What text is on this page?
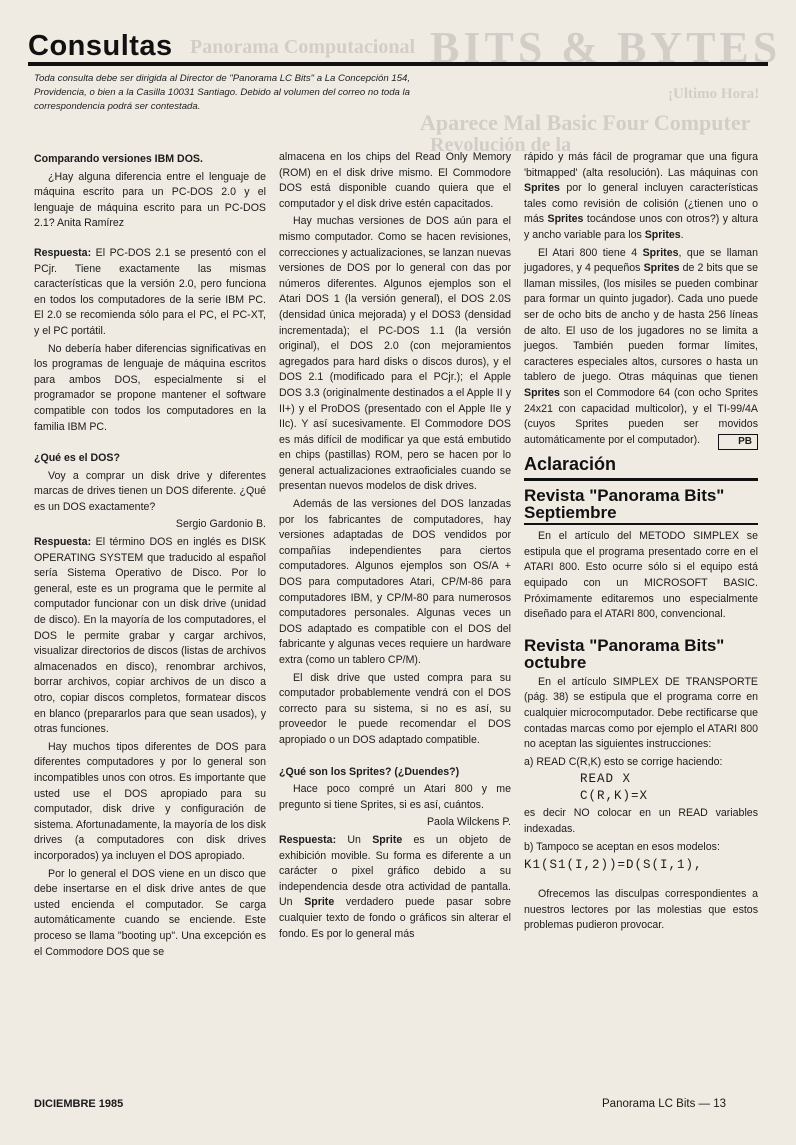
BITS & BYTES
Panorama Computacional
¡Ultimo Hora!
Aparece Mal Basic Four Computer
Revolución de la
Consultas
Toda consulta debe ser dirigida al Director de "Panorama LC Bits" a La Concepción 154, Providencia, o bien a la Casilla 10031 Santiago. Debido al volumen del correo no toda la correspondencia podrá ser contestada.

Comparando versiones IBM DOS.

¿Hay alguna diferencia entre el lenguaje de máquina escrito para un PC-DOS 2.0 y el lenguaje de máquina escrito para un PC-DOS 2.1? Anita Ramírez

Respuesta: El PC-DOS 2.1 se presentó con el PCjr. Tiene exactamente las mismas características que la versión 2.0, pero funciona en todos los computadores de la serie IBM PC. El 2.0 se recomienda sólo para el PC, el PC-XT, y el PC portátil.

No debería haber diferencias significativas en los programas de lenguaje de máquina escritos para ambos DOS, especialmente si el programador se propone mantener el software compatible con todos los computadores en la familia IBM PC.

¿Qué es el DOS?

Voy a comprar un disk drive y diferentes marcas de drives tienen un DOS diferente. ¿Qué es un DOS exactamente?

Sergio Gardonio B.

Respuesta: El término DOS en inglés es DISK OPERATING SYSTEM que traducido al español sería Sistema Operativo de Disco. Por lo general, este es un programa que le permite al computador funcionar con un disk drive (unidad de disco). En la mayoría de los computadores, el DOS le permite grabar y cargar archivos, visualizar directorios de discos (listas de archivos almacenados en disco), renombrar archivos, borrar archivos, copiar archivos de un disco a otro, copiar discos completos, formatear discos en blanco (prepararlos para que sean usados), y otras funciones.

Hay muchos tipos diferentes de DOS para diferentes computadores y por lo general son incompatibles unos con otros. Es importante que usted use el DOS apropiado para su computador, disk drive y configuración de sistema. Afortunadamente, la mayoría de los disk drives (a computadores con disk drives incorporados) ya incluyen el DOS apropiado.

Por lo general el DOS viene en un disco que debe insertarse en el disk drive antes de que usted encienda el computador. Se carga automáticamente cuando se enciende. Este proceso se llama "booting up". Una excepción es el Commodore DOS que se

almacena en los chips del Read Only Memory (ROM) en el disk drive mismo. El Commodore DOS está disponible cuando quiera que el computador y el disk drive estén capacitados.

Hay muchas versiones de DOS aún para el mismo computador. Como se hacen revisiones, correcciones y actualizaciones, se lanzan nuevas versiones de DOS por lo general con das por números diferentes. Algunos ejemplos son el Atari DOS 1 (la versión general), el DOS 2.0S (densidad única mejorada) y el DOS3 (densidad incrementada); el PC-DOS 1.1 (la versión original), el DOS 2.0 (con mejoramientos agregados para hard disks o discos duros), y el DOS 2.1 (modificado para el PCjr.); el Apple DOS 3.3 (originalmente destinados a el Apple II y II+) y el ProDOS (presentado con el Apple IIe y IIc). Y así sucesivamente. El Commodore DOS es más difícil de modificar ya que está embutido en chips (pastillas) ROM, pero se hacen por lo general actualizaciones extraoficiales cuando se presentan nuevos modelos de disk drives.

Además de las versiones del DOS lanzadas por los fabricantes de computadores, hay versiones adaptadas de DOS vendidos por compañías independientes para ciertos computadores. Algunos ejemplos son OS/A + DOS para computadores Atari, CP/M-86 para computadores IBM, y CP/M-80 para numerosos computadores personales. Algunas veces un DOS adaptado es compatible con el DOS del fabricante y algunas veces requiere un hardware extra (como un tablero CP/M).

El disk drive que usted compra para su computador probablemente vendrá con el DOS correcto para su sistema, si no es así, su proveedor le puede recomendar el DOS apropiado o un DOS adaptado compatible.

¿Qué son los Sprites? (¿Duendes?)

Hace poco compré un Atari 800 y me pregunto si tiene Sprites, si es así, cuántos.

Paola Wilckens P.

Respuesta: Un Sprite es un objeto de exhibición movible. Su forma es diferente a un carácter o pixel gráfico debido a su independencia desde otra actividad de pantalla. Un Sprite verdadero puede pasar sobre cualquier texto de fondo o gráficos sin alterar el fondo. Es por lo general más

rápido y más fácil de programar que una figura 'bitmapped' (alta resolución). Las máquinas con Sprites por lo general incluyen características tales como revisión de colisión (¿tienen uno o más Sprites tocándose unos con otros?) y altura y ancho variable para los Sprites.

El Atari 800 tiene 4 Sprites, que se llaman jugadores, y 4 pequeños Sprites de 2 bits que se llaman missiles, (los misiles se pueden combinar para formar un quinto jugador). Cada uno puede ser de ocho bits de ancho y de hasta 256 líneas de alto. El uso de los jugadores no se limita a juegos. También pueden formar límites, caracteres especiales altos, cursores o hasta un tablero de juego. Otras máquinas que tienen Sprites son el Commodore 64 (con ocho Sprites 24x21 con capacidad multicolor), y el TI-99/4A (cuyos Sprites pueden ser movidos automáticamente por el computador).	PB

Aclaración
Revista "Panorama Bits" Septiembre

En el artículo del METODO SIMPLEX se estipula que el programa presentado corre en el ATARI 800. Esto ocurre sólo si el equipo está equipado con un MICROSOFT BASIC. Próximamente editaremos uno especialmente diseñado para el ATARI 800, convencional.

Revista "Panorama Bits" octubre

En el artículo SIMPLEX DE TRANSPORTE (pág. 38) se estipula que el programa corre en cualquier microcomputador. Debe rectificarse que contadas marcas como por ejemplo el ATARI 800 no aceptan las siguientes instrucciones:

a) READ C(R,K) esto se corrige haciendo:

READ X

C(R,K)=X

es decir NO colocar en un READ variables indexadas.

b) Tampoco se aceptan en esos modelos:

K1(S1(I,2))=D(S(I,1),

Ofrecemos las disculpas correspondientes a nuestros lectores por las molestias que estos problemas pudieron provocar.

DICIEMBRE 1985	Panorama LC Bits — 13
